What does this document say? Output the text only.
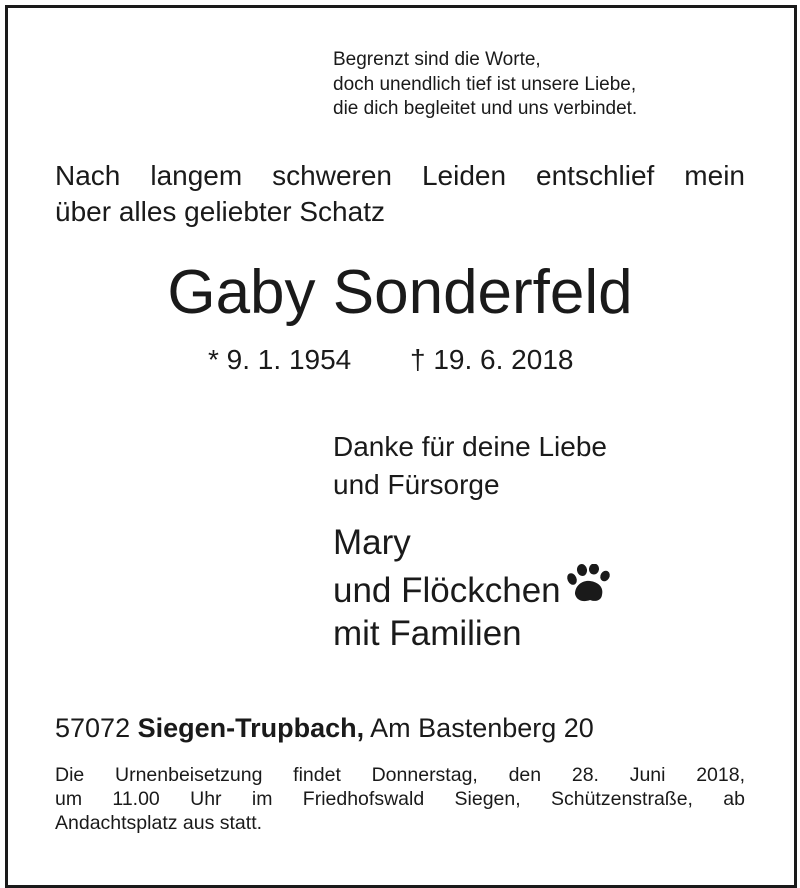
Begrenzt sind die Worte,
doch unendlich tief ist unsere Liebe,
die dich begleitet und uns verbindet.
Nach langem schweren Leiden entschlief mein
über alles geliebter Schatz
Gaby Sonderfeld
* 9. 1. 1954 † 19. 6. 2018
Danke für deine Liebe
und Fürsorge
Mary
und Flöckchen
mit Familien
57072 Siegen-Trupbach, Am Bastenberg 20
Die Urnenbeisetzung findet Donnerstag, den 28. Juni 2018,
um 11.00 Uhr im Friedhofswald Siegen, Schützenstraße, ab
Andachtsplatz aus statt.
